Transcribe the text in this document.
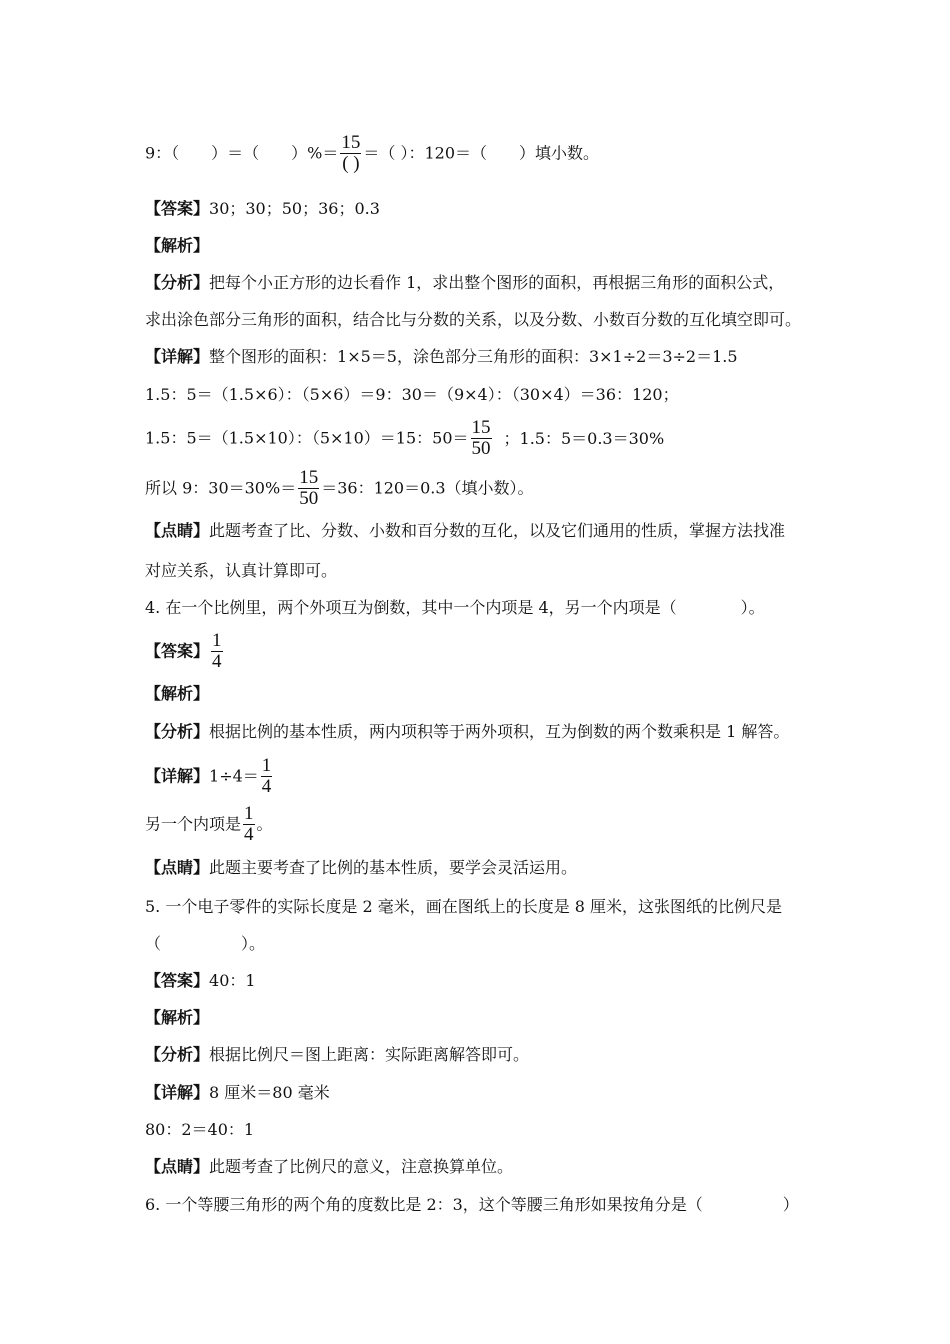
9：（　　）＝（　　）%＝ $\frac{15}{( )}$ ＝（ ）：120＝（　　）填小数。
【答案】30；30；50；36；0.3
【解析】
【分析】把每个小正方形的边长看作 1，求出整个图形的面积，再根据三角形的面积公式，
求出涂色部分三角形的面积，结合比与分数的关系，以及分数、小数百分数的互化填空即可。
【详解】整个图形的面积：1×5＝5，涂色部分三角形的面积：3×1÷2＝3÷2＝1.5
1.5：5＝（1.5×6）：（5×6）＝9：30＝（9×4）：（30×4）＝36：120；
1.5：5＝（1.5×10）：（5×10）＝15：$50= \frac{15}{50}$ ；1.5：5＝0.3＝30%
所以 9：$30=30\%= \frac{15}{50} =36$：120＝0.3（填小数）。
【点睛】此题考查了比、分数、小数和百分数的互化，以及它们通用的性质，掌握方法找准
对应关系，认真计算即可。
4. 在一个比例里，两个外项互为倒数，其中一个内项是 4，另一个内项是（　　　　）。
【答案】 $\frac{1}{4}$
【解析】
【分析】根据比例的基本性质，两内项积等于两外项积，互为倒数的两个数乘积是 1 解答。
【详解】$1\div 4= \frac{1}{4}$
另一个内项是 $\frac{1}{4}$ 。
【点睛】此题主要考查了比例的基本性质，要学会灵活运用。
5. 一个电子零件的实际长度是 2 毫米，画在图纸上的长度是 8 厘米，这张图纸的比例尺是
（　　　　　）。
【答案】40：1
【解析】
【分析】根据比例尺＝图上距离：实际距离解答即可。
【详解】8 厘米＝80 毫米
80：2＝40：1
【点睛】此题考查了比例尺的意义，注意换算单位。
6. 一个等腰三角形的两个角的度数比是 2：3，这个等腰三角形如果按角分是（　　　　　）
